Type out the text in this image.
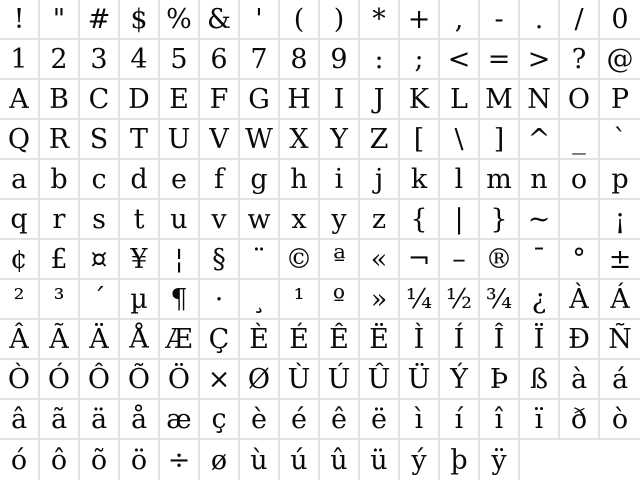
!	" # $ % & '	(	)	* + ,	-	.	/	0
1 2 3 4 5 6 7 8 9 :	; < = > ? @
A B C D E F G H I	J K L M N O P
Q R S T U V W X Y Z [	\	] ^ _	`
a b c d e	f g h i	j	k	l m n o p
q r s	t u v w x y z { | } ~	¡
¢ £ ¤ ¥ ¦	§ ¨ © ª « ¬ – ® ¯ ° ±
²	³	´ µ ¶	·	¸	¹	º » ¼ ½ ¾ ¿ À Á
Â Ã Ä Å Æ Ç È É Ê Ë Ì	Í	Î	Ï Ð Ñ
Ò Ó Ô Õ Ö × Ø Ù Ú Û Ü Ý Þ ß à á
â ã ä å æ ç è é ê ë	ì	í	î	ï	ð ò
ó ô õ ö ÷ ø ù ú û ü ý þ ÿ
